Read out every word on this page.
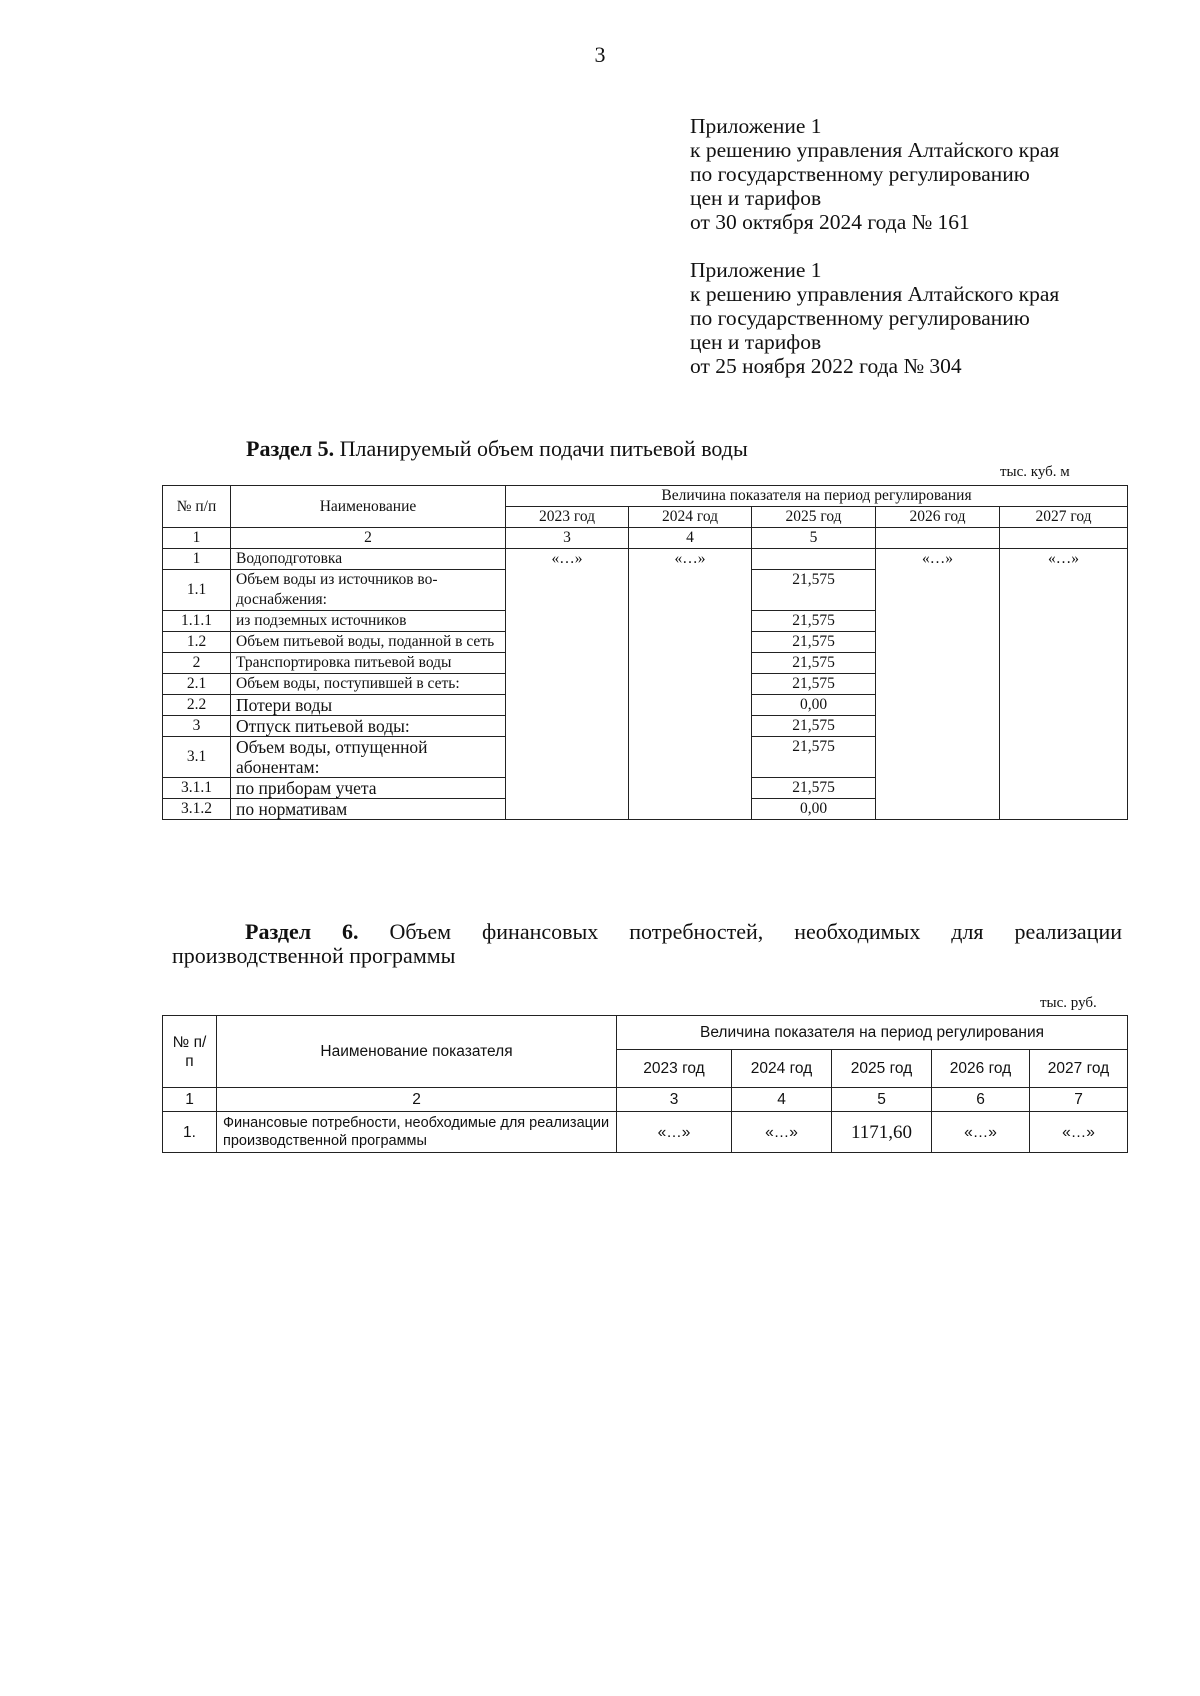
3
Приложение 1
к решению управления Алтайского края
по государственному регулированию
цен и тарифов
от 30 октября 2024 года № 161
Приложение 1
к решению управления Алтайского края
по государственному регулированию
цен и тарифов
от 25 ноября 2022 года № 304
Раздел 5. Планируемый объем подачи питьевой воды
тыс. куб. м
№ п/п	Наименование	Величина показателя на период регулирования				
		2023 год	2024 год	2025 год	2026 год	2027 год
1	2	3	4	5		
1	Водоподготовка	«…»	«…»		«…»	«…»
1.1	Объем воды из источников во-доснабжения:			21,575		
1.1.1	из подземных источников			21,575		
1.2	Объем питьевой воды, поданной в сеть			21,575		
2	Транспортировка питьевой воды			21,575		
2.1	Объем воды, поступившей в сеть:			21,575		
2.2	Потери воды			0,00		
3	Отпуск питьевой воды:			21,575		
3.1	Объем воды, отпущенной абонентам:			21,575		
3.1.1	по приборам учета			21,575		
3.1.2	по нормативам			0,00		
Раздел 6. Объем финансовых потребностей, необходимых для реализации
производственной программы
тыс. руб.
№ п/п	Наименование показателя	Величина показателя на период регулирования				
		2023 год	2024 год	2025 год	2026 год	2027 год
1	2	3	4	5	6	7
1.	Финансовые потребности, необходимые для реализации производственной программы	«…»	«…»	1171,60	«…»	«…»
